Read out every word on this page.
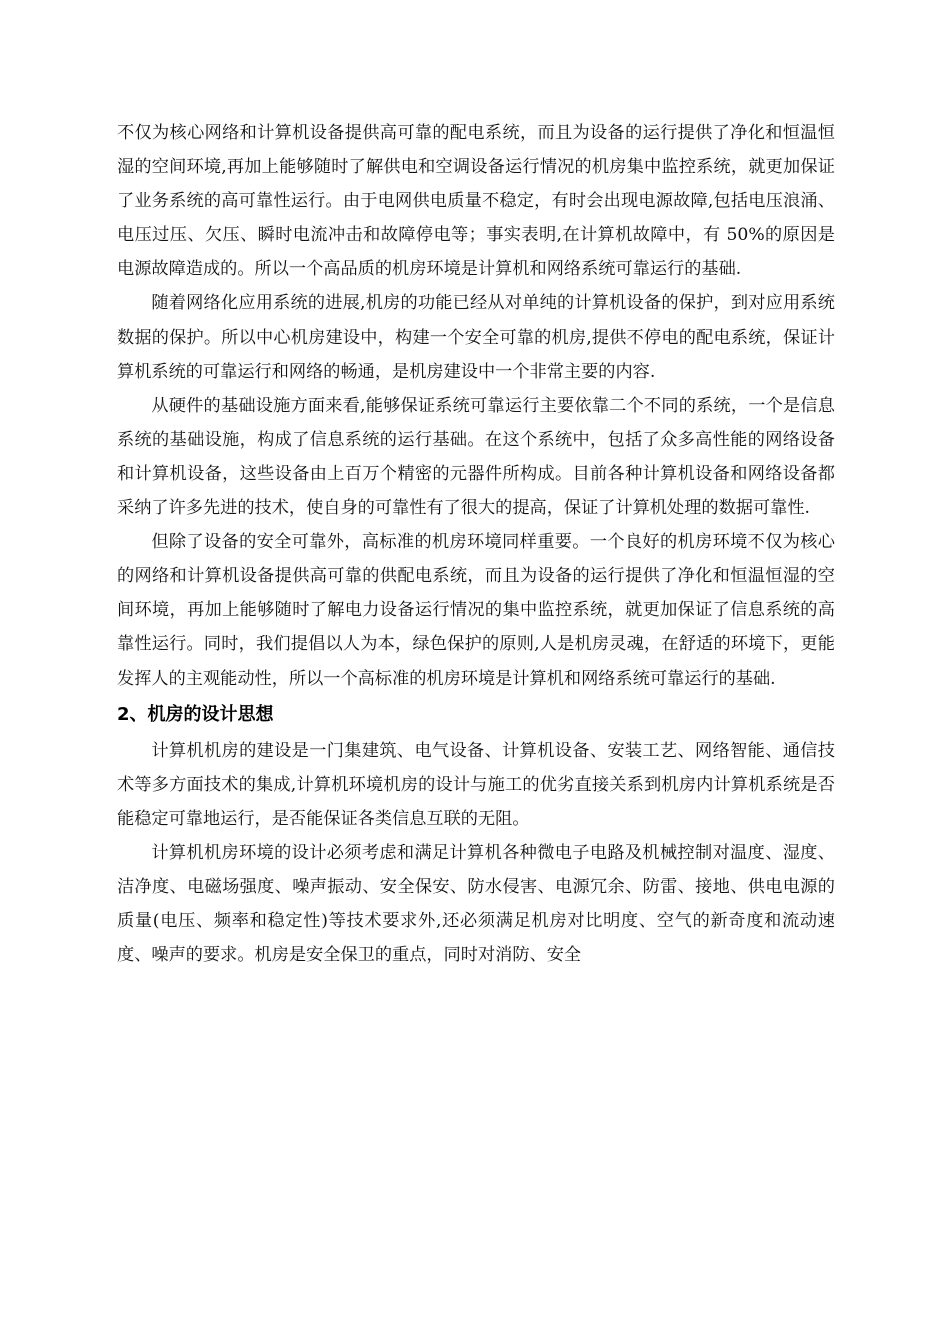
不仅为核心网络和计算机设备提供高可靠的配电系统，而且为设备的运行提供了净化和恒温恒湿的空间环境,再加上能够随时了解供电和空调设备运行情况的机房集中监控系统，就更加保证了业务系统的高可靠性运行。由于电网供电质量不稳定，有时会出现电源故障,包括电压浪涌、电压过压、欠压、瞬时电流冲击和故障停电等；事实表明,在计算机故障中，有 50%的原因是电源故障造成的。所以一个高品质的机房环境是计算机和网络系统可靠运行的基础.

随着网络化应用系统的进展,机房的功能已经从对单纯的计算机设备的保护，到对应用系统数据的保护。所以中心机房建设中，构建一个安全可靠的机房,提供不停电的配电系统，保证计算机系统的可靠运行和网络的畅通，是机房建设中一个非常主要的内容.

从硬件的基础设施方面来看,能够保证系统可靠运行主要依靠二个不同的系统，一个是信息系统的基础设施，构成了信息系统的运行基础。在这个系统中，包括了众多高性能的网络设备和计算机设备，这些设备由上百万个精密的元器件所构成。目前各种计算机设备和网络设备都采纳了许多先进的技术，使自身的可靠性有了很大的提高，保证了计算机处理的数据可靠性.

但除了设备的安全可靠外，高标准的机房环境同样重要。一个良好的机房环境不仅为核心的网络和计算机设备提供高可靠的供配电系统，而且为设备的运行提供了净化和恒温恒湿的空间环境，再加上能够随时了解电力设备运行情况的集中监控系统，就更加保证了信息系统的高靠性运行。同时，我们提倡以人为本，绿色保护的原则,人是机房灵魂，在舒适的环境下，更能发挥人的主观能动性，所以一个高标准的机房环境是计算机和网络系统可靠运行的基础.

2、机房的设计思想

计算机机房的建设是一门集建筑、电气设备、计算机设备、安装工艺、网络智能、通信技术等多方面技术的集成,计算机环境机房的设计与施工的优劣直接关系到机房内计算机系统是否能稳定可靠地运行，是否能保证各类信息互联的无阻。

计算机机房环境的设计必须考虑和满足计算机各种微电子电路及机械控制对温度、湿度、洁净度、电磁场强度、噪声振动、安全保安、防水侵害、电源冗余、防雷、接地、供电电源的质量(电压、频率和稳定性)等技术要求外,还必须满足机房对比明度、空气的新奇度和流动速度、噪声的要求。机房是安全保卫的重点，同时对消防、安全
